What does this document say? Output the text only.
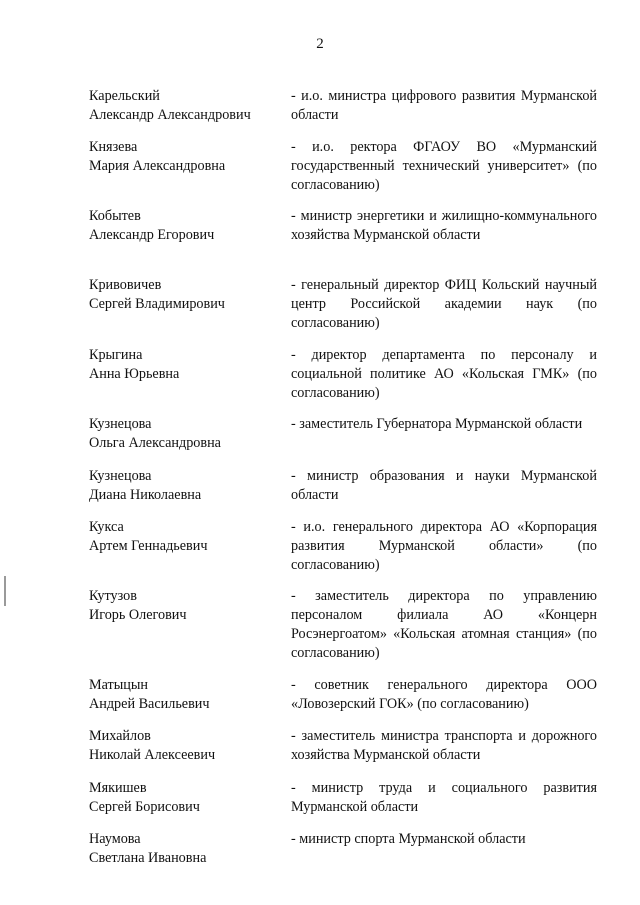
2
Карельский
Александр Александрович
- и.о. министра цифрового развития Мурманской области
Князева
Мария Александровна
- и.о. ректора ФГАОУ ВО «Мурманский государственный технический университет» (по согласованию)
Кобытев
Александр Егорович
- министр энергетики и жилищно-коммунального хозяйства Мурманской области
Кривовичев
Сергей Владимирович
- генеральный директор ФИЦ Кольский научный центр Российской академии наук (по согласованию)
Крыгина
Анна Юрьевна
- директор департамента по персоналу и социальной политике АО «Кольская ГМК» (по согласованию)
Кузнецова
Ольга Александровна
- заместитель Губернатора Мурманской области
Кузнецова
Диана Николаевна
- министр образования и науки Мурманской области
Кукса
Артем Геннадьевич
- и.о. генерального директора АО «Корпорация развития Мурманской области» (по согласованию)
Кутузов
Игорь Олегович
- заместитель директора по управлению персоналом филиала АО «Концерн Росэнергоатом» «Кольская атомная станция» (по согласованию)
Матыцын
Андрей Васильевич
- советник генерального директора ООО «Ловозерский ГОК» (по согласованию)
Михайлов
Николай Алексеевич
- заместитель министра транспорта и дорожного хозяйства Мурманской области
Мякишев
Сергей Борисович
- министр труда и социального развития Мурманской области
Наумова
Светлана Ивановна
- министр спорта Мурманской области
